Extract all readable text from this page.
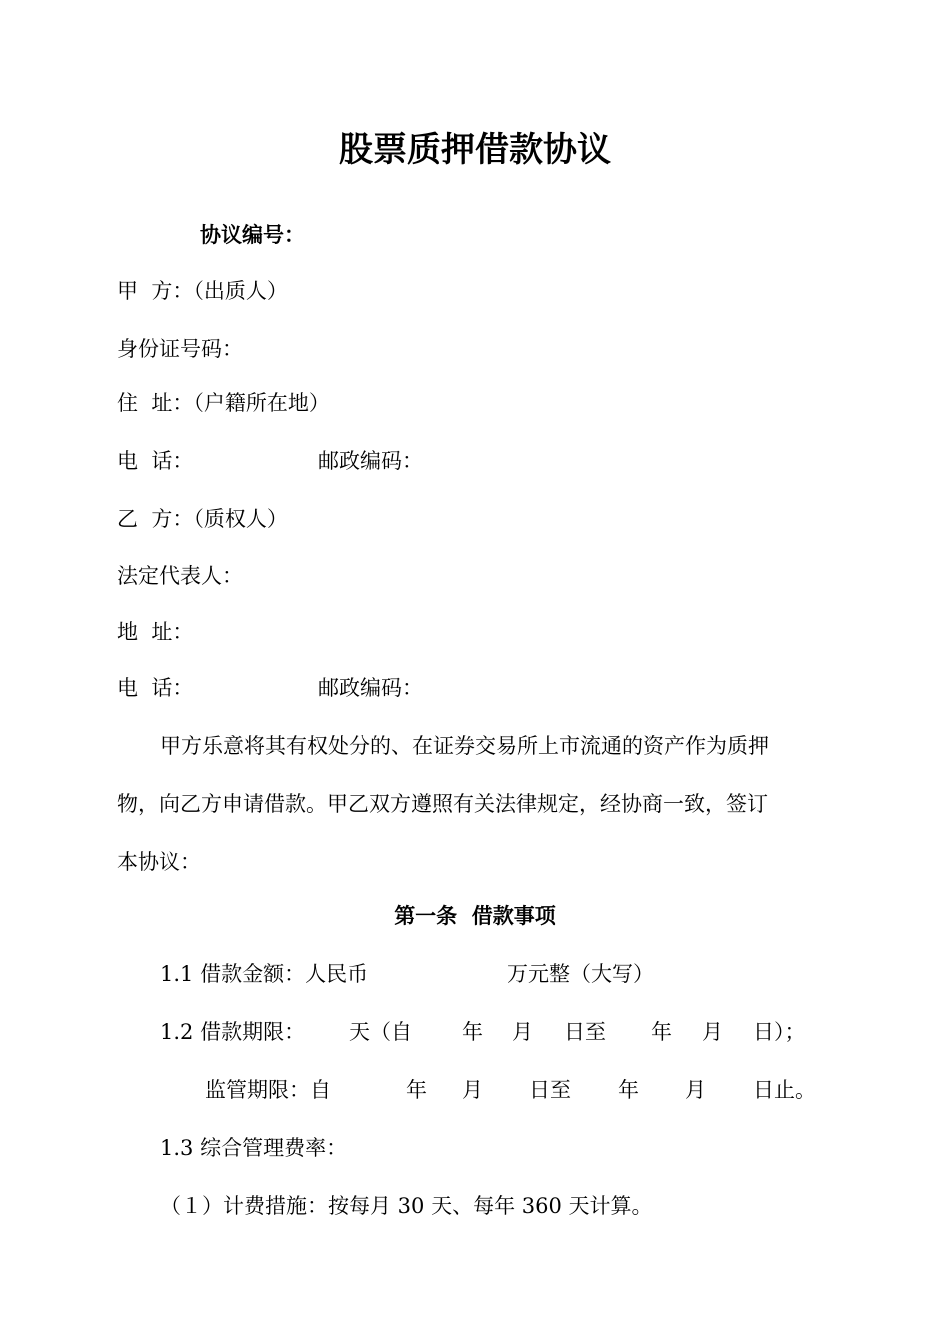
股票质押借款协议
协议编号：
甲  方：（出质人）
身份证号码：
住  址：（户籍所在地）
电  话：	邮政编码：
乙  方：（质权人）
法定代表人：
地  址：
电  话：	邮政编码：
甲方乐意将其有权处分的、在证券交易所上市流通的资产作为质押
物，向乙方申请借款。甲乙双方遵照有关法律规定，经协商一致，签订
本协议：
第一条  借款事项
1.1 借款金额：人民币	万元整（大写）
1.2 借款期限： 天（自 年 月 日至 年 月 日）；
监管期限：自	年 月 日至 年 月 日止。
1.3 综合管理费率：
（１）计费措施：按每月 30 天、每年 360 天计算。
